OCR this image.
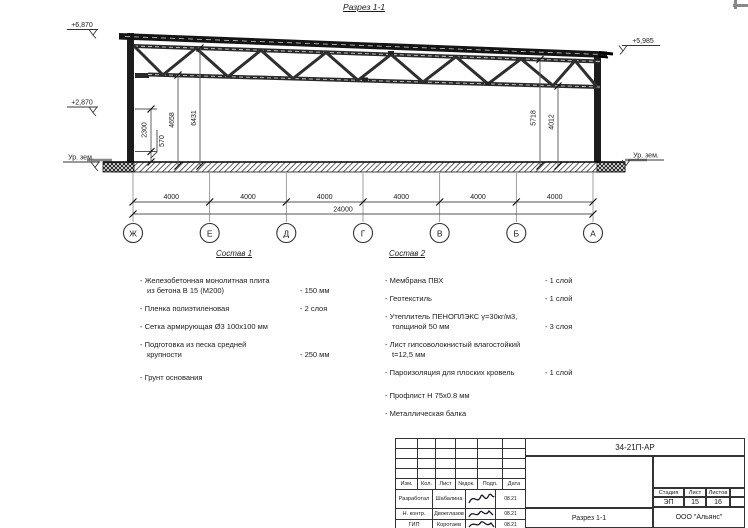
Разрез 1-1
2300
570
4658 6431	5718 4012
4000	4000	4000	4000	4000	4000
24000
Ж	Е	Д	Г	В	Б	А
+6,870
+2,870
Ур. зем.
+5,985
Ур. зем.
Состав 1
- Железобетонная монолитная плита
из бетона В 15 (М200)	- 150 мм
- Пленка полиэтиленовая	- 2 слоя
- Сетка армирующая Ø3 100х100 мм
- Подготовка из песка средней
крупности	- 250 мм
- Грунт основания
Состав 2
- Мембрана ПВХ	- 1 слой
- Геотекстиль	- 1 слой
- Утеплитель ПЕНОПЛЭКС γ=30кг/м3,
толщиной 50 мм	- 3 слоя
- Лист гипсоволокнистый влагостойкий
t=12,5 мм
- Пароизоляция для плоских кровель	- 1 слой
- Профлист Н 75х0.8 мм
- Металлическая балка
Изм.	Кол.	Лист	№док.	Подп.	Дата
Разработал	Шабалина	08.21
Н. контр.	Двоеглазов	08.21
ГИП	Коротаев	08.21
34-21П-АР
Разрез 1-1
Стадия	Лист	Листов
ЭП	15	16
ООО "Альянс"
